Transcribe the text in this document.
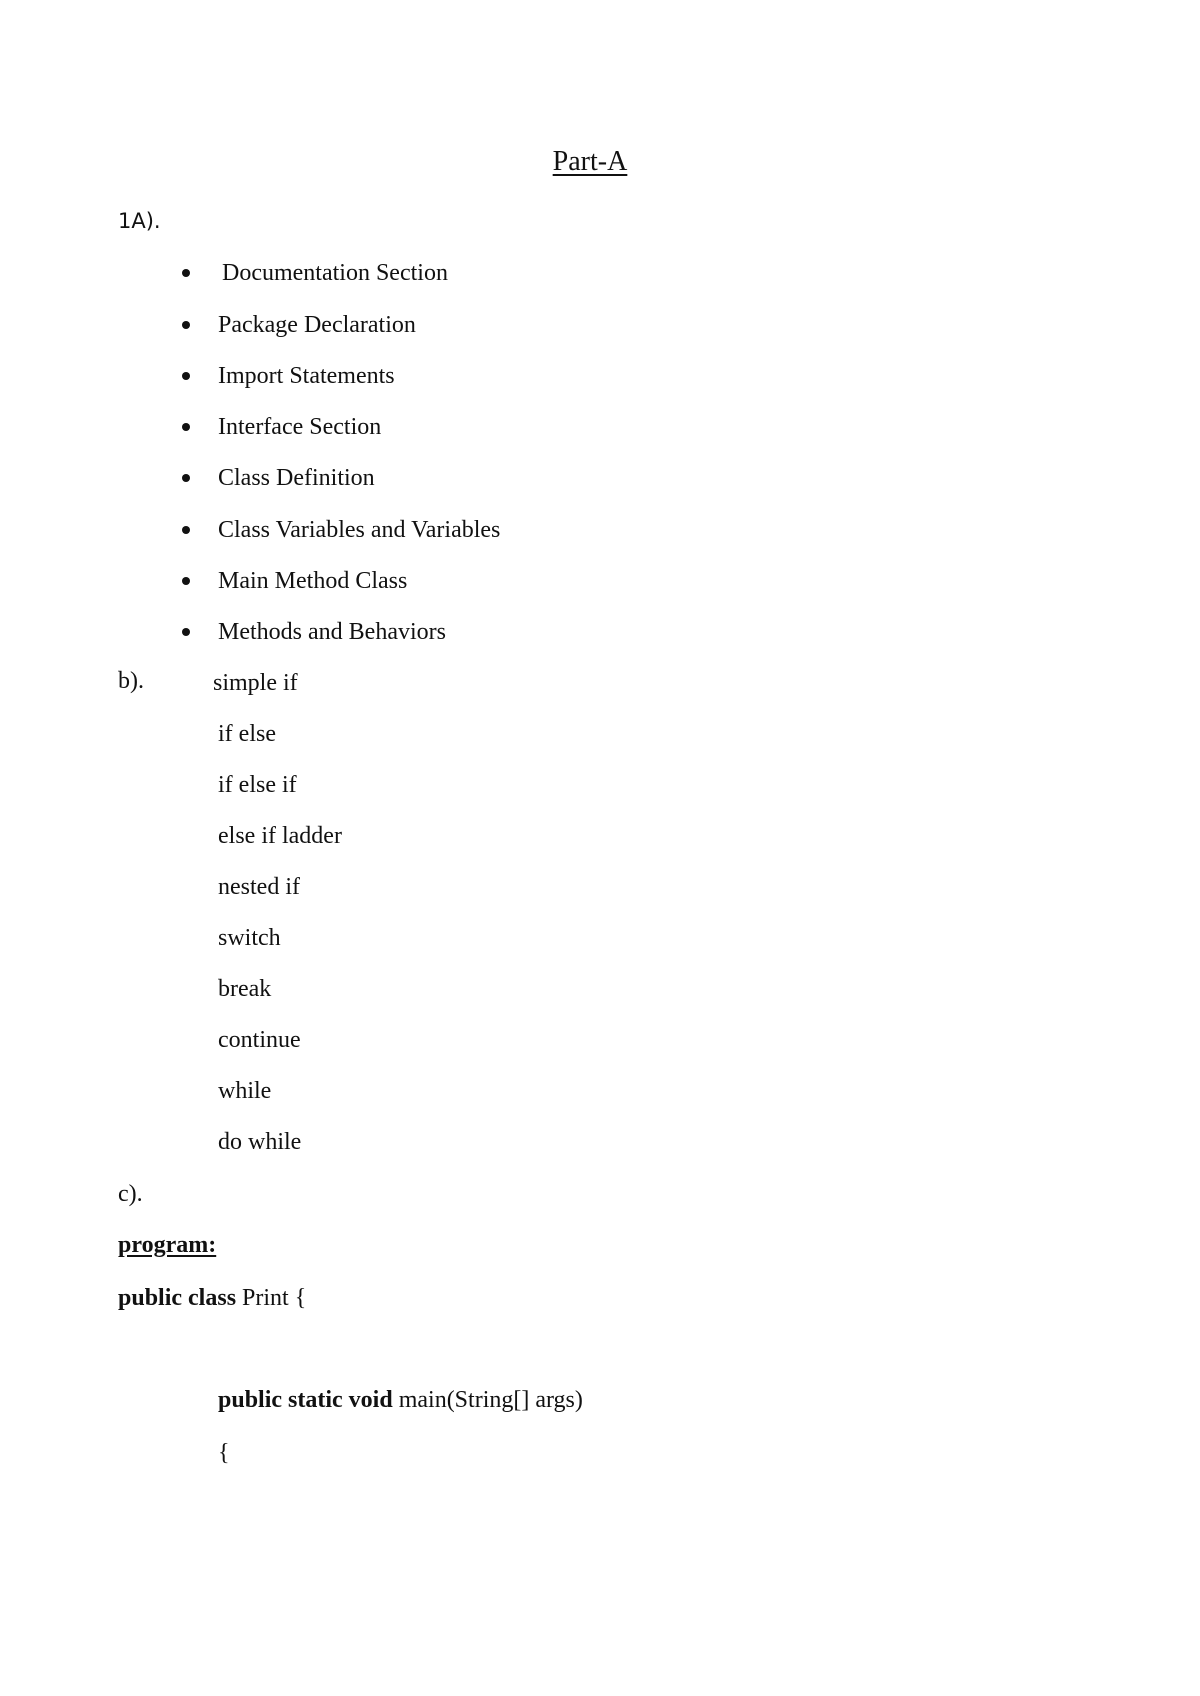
Part-A
1A).
Documentation Section
Package Declaration
Import Statements
Interface Section
Class Definition
Class Variables and Variables
Main Method Class
Methods and Behaviors
b).	simple if
if else
if else if
else if ladder
nested if
switch
break
continue
while
do while
c).
program:
public class Print {
public static void main(String[] args)
{
